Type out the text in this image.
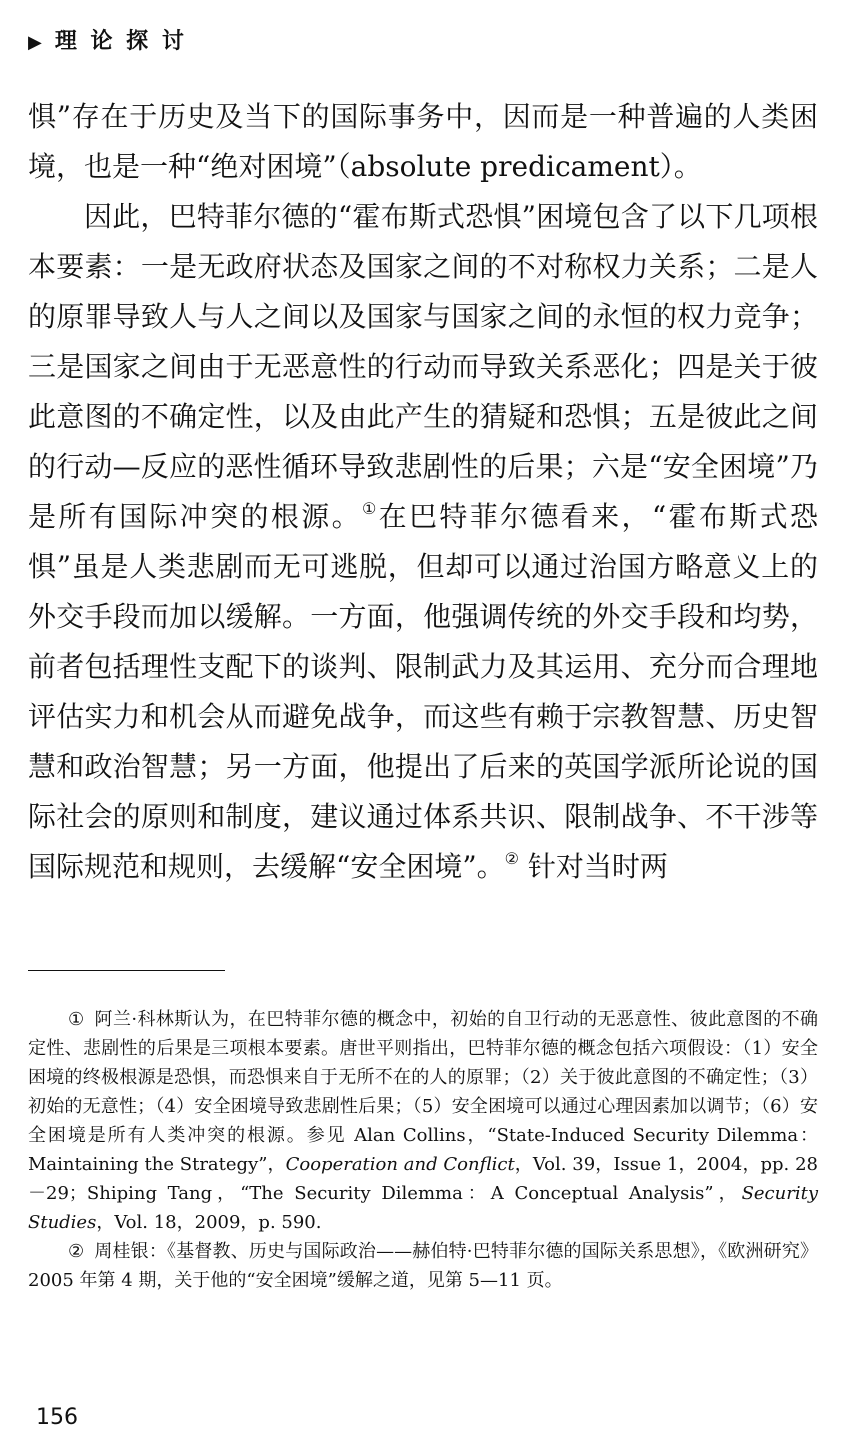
▶ 理 论 探 讨

惧”存在于历史及当下的国际事务中，因而是一种普遍的人类困境，也是一种“绝对困境”（absolute predicament）。

因此，巴特菲尔德的“霍布斯式恐惧”困境包含了以下几项根本要素：一是无政府状态及国家之间的不对称权力关系；二是人的原罪导致人与人之间以及国家与国家之间的永恒的权力竞争；三是国家之间由于无恶意性的行动而导致关系恶化；四是关于彼此意图的不确定性，以及由此产生的猜疑和恐惧；五是彼此之间的行动—反应的恶性循环导致悲剧性的后果；六是“安全困境”乃是所有国际冲突的根源。①在巴特菲尔德看来，“霍布斯式恐惧”虽是人类悲剧而无可逃脱，但却可以通过治国方略意义上的外交手段而加以缓解。一方面，他强调传统的外交手段和均势，前者包括理性支配下的谈判、限制武力及其运用、充分而合理地评估实力和机会从而避免战争，而这些有赖于宗教智慧、历史智慧和政治智慧；另一方面，他提出了后来的英国学派所论说的国际社会的原则和制度，建议通过体系共识、限制战争、不干涉等国际规范和规则，去缓解“安全困境”。② 针对当时两

① 阿兰·科林斯认为，在巴特菲尔德的概念中，初始的自卫行动的无恶意性、彼此意图的不确定性、悲剧性的后果是三项根本要素。唐世平则指出，巴特菲尔德的概念包括六项假设：（1）安全困境的终极根源是恐惧，而恐惧来自于无所不在的人的原罪；（2）关于彼此意图的不确定性；（3）初始的无意性；（4）安全困境导致悲剧性后果；（5）安全困境可以通过心理因素加以调节；（6）安全困境是所有人类冲突的根源。参见 Alan Collins，“State-Induced Security Dilemma：Maintaining the Strategy”，Cooperation and Conflict，Vol. 39，Issue 1，2004，pp. 28－29；Shiping Tang，“The Security Dilemma：A Conceptual Analysis”，Security Studies，Vol. 18，2009，p. 590.

② 周桂银：《基督教、历史与国际政治——赫伯特·巴特菲尔德的国际关系思想》，《欧洲研究》2005 年第 4 期，关于他的“安全困境”缓解之道，见第 5—11 页。

156
